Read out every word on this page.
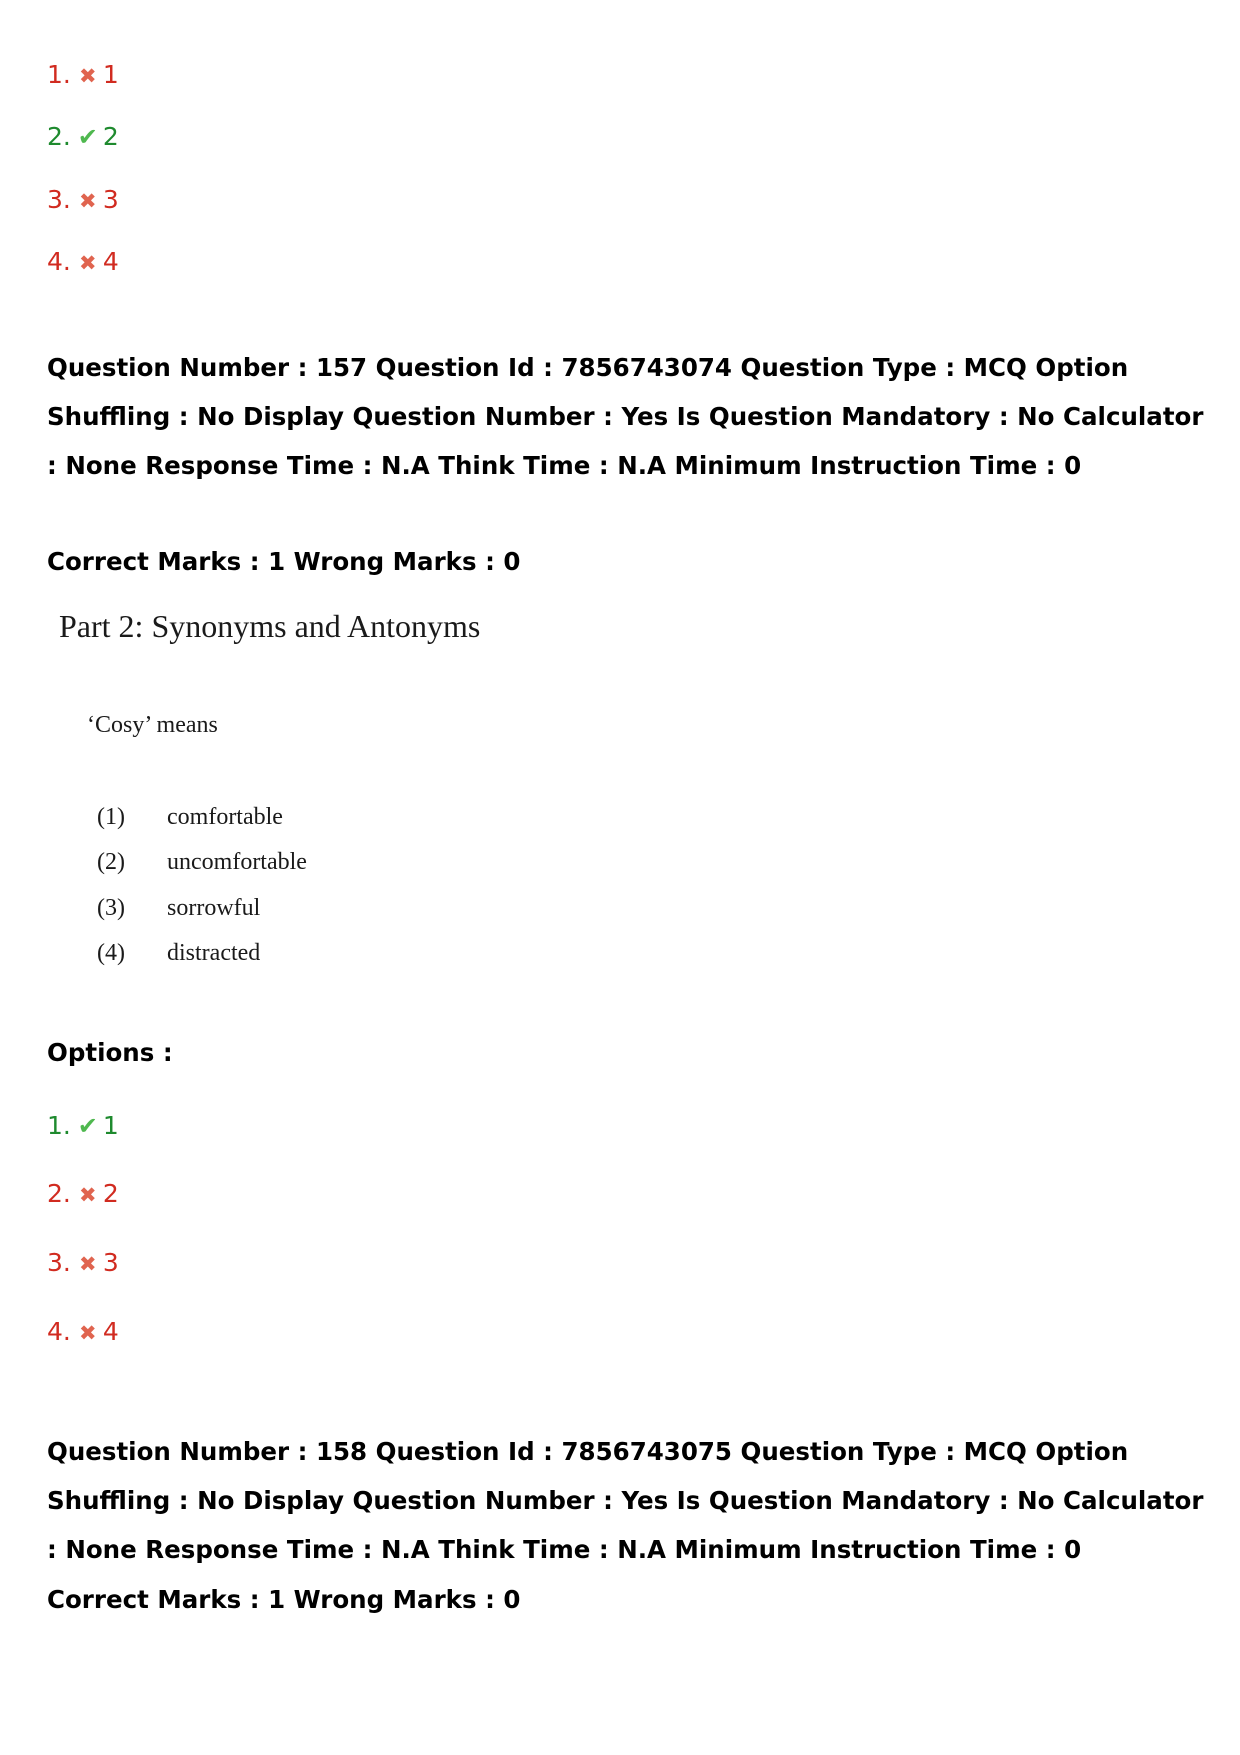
1. ✖ 1
2. ✔ 2
3. ✖ 3
4. ✖ 4
Question Number : 157 Question Id : 7856743074 Question Type : MCQ Option Shuffling : No Display Question Number : Yes Is Question Mandatory : No Calculator : None Response Time : N.A Think Time : N.A Minimum Instruction Time : 0
Correct Marks : 1 Wrong Marks : 0
Part 2: Synonyms and Antonyms
‘Cosy’ means
(1) comfortable
(2) uncomfortable
(3) sorrowful
(4) distracted
Options :
1. ✔ 1
2. ✖ 2
3. ✖ 3
4. ✖ 4
Question Number : 158 Question Id : 7856743075 Question Type : MCQ Option Shuffling : No Display Question Number : Yes Is Question Mandatory : No Calculator : None Response Time : N.A Think Time : N.A Minimum Instruction Time : 0
Correct Marks : 1 Wrong Marks : 0
